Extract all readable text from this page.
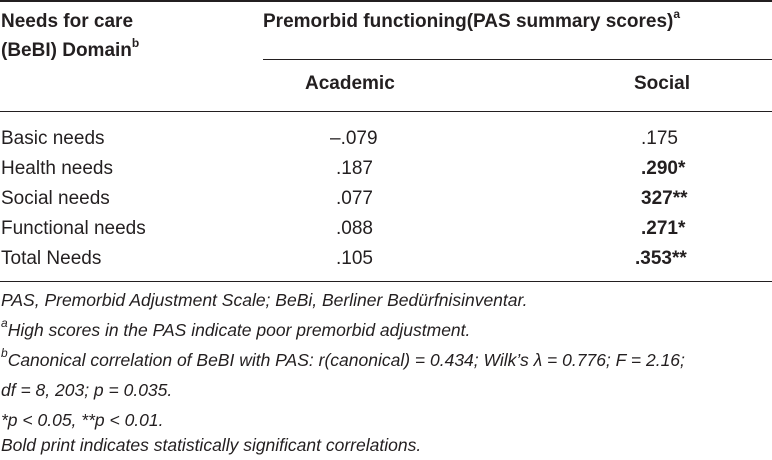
Needs for care
(BeBI) Domain$^b$
Premorbid functioning(PAS summary scores)$^a$
Academic	Social
Basic needs	–.079	.175
Health needs	.187	.290*
Social needs	.077	327**
Functional needs	.088	.271*
Total Needs	.105	.353**
PAS, Premorbid Adjustment Scale; BeBi, Berliner Bedürfnisinventar.
$^a$High scores in the PAS indicate poor premorbid adjustment.
$^b$Canonical correlation of BeBI with PAS: r(canonical) = 0.434; Wilk’s λ = 0.776; F = 2.16;
df = 8, 203; p = 0.035.
*p < 0.05, **p < 0.01.
Bold print indicates statistically significant correlations.
